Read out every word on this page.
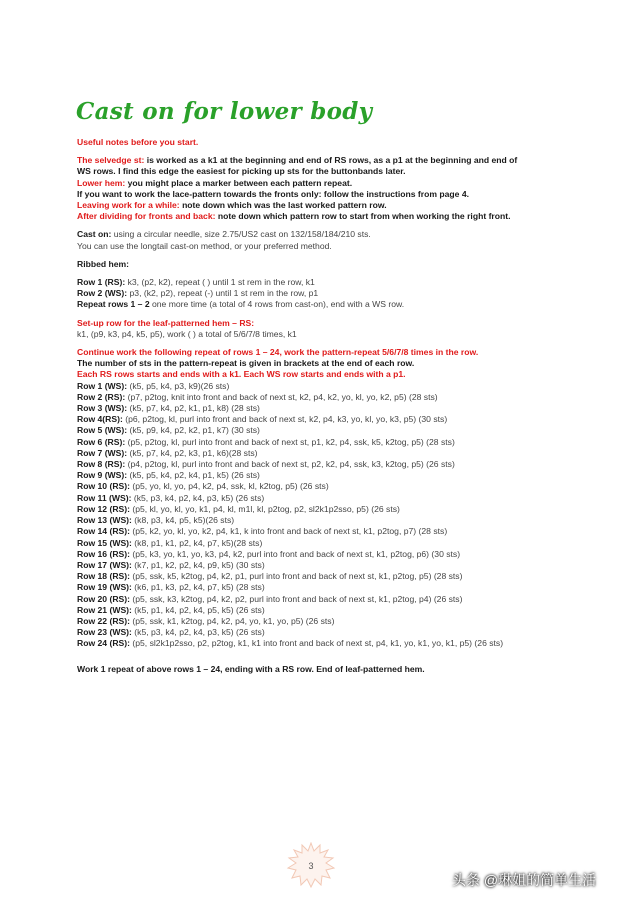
Cast on for lower body
Useful notes before you start.
The selvedge st: is worked as a k1 at the beginning and end of RS rows, as a p1 at the beginning and end of
WS rows. I find this edge the easiest for picking up sts for the buttonbands later.
Lower hem: you might place a marker between each pattern repeat.
If you want to work the lace-pattern towards the fronts only: follow the instructions from page 4.
Leaving work for a while: note down which was the last worked pattern row.
After dividing for fronts and back: note down which pattern row to start from when working the right front.
Cast on: using a circular needle, size 2.75/US2 cast on 132/158/184/210 sts.
You can use the longtail cast-on method, or your preferred method.
Ribbed hem:
Row 1 (RS): k3, (p2, k2), repeat ( ) until 1 st rem in the row, k1
Row 2 (WS): p3, (k2, p2), repeat (-) until 1 st rem in the row, p1
Repeat rows 1 – 2 one more time (a total of 4 rows from cast-on), end with a WS row.
Set-up row for the leaf-patterned hem – RS:
k1, (p9, k3, p4, k5, p5), work ( ) a total of 5/6/7/8 times, k1
Continue work the following repeat of rows 1 – 24, work the pattern-repeat 5/6/7/8 times in the row.
The number of sts in the pattern-repeat is given in brackets at the end of each row.
Each RS rows starts and ends with a k1. Each WS row starts and ends with a p1.
Row 1 (WS): (k5, p5, k4, p3, k9)(26 sts)
Row 2 (RS): (p7, p2tog, knit into front and back of next st, k2, p4, k2, yo, kl, yo, k2, p5) (28 sts)
Row 3 (WS): (k5, p7, k4, p2, k1, p1, k8) (28 sts)
Row 4(RS): (p6, p2tog, kl, purl into front and back of next st, k2, p4, k3, yo, kl, yo, k3, p5) (30 sts)
Row 5 (WS): (k5, p9, k4, p2, k2, p1, k7) (30 sts)
Row 6 (RS): (p5, p2tog, kl, purl into front and back of next st, p1, k2, p4, ssk, k5, k2tog, p5) (28 sts)
Row 7 (WS): (k5, p7, k4, p2, k3, p1, k6)(28 sts)
Row 8 (RS): (p4, p2tog, kl, purl into front and back of next st, p2, k2, p4, ssk, k3, k2tog, p5) (26 sts)
Row 9 (WS): (k5, p5, k4, p2, k4, p1, k5) (26 sts)
Row 10 (RS): (p5, yo, kl, yo, p4, k2, p4, ssk, kl, k2tog, p5) (26 sts)
Row 11 (WS): (k5, p3, k4, p2, k4, p3, k5) (26 sts)
Row 12 (RS): (p5, kl, yo, kl, yo, k1, p4, kl, m1l, kl, p2tog, p2, sl2k1p2sso, p5) (26 sts)
Row 13 (WS): (k8, p3, k4, p5, k5)(26 sts)
Row 14 (RS): (p5, k2, yo, kl, yo, k2, p4, k1, k into front and back of next st, k1, p2tog, p7) (28 sts)
Row 15 (WS): (k8, p1, k1, p2, k4, p7, k5)(28 sts)
Row 16 (RS): (p5, k3, yo, k1, yo, k3, p4, k2, purl into front and back of next st, k1, p2tog, p6) (30 sts)
Row 17 (WS): (k7, p1, k2, p2, k4, p9, k5) (30 sts)
Row 18 (RS): (p5, ssk, k5, k2tog, p4, k2, p1, purl into front and back of next st, k1, p2tog, p5) (28 sts)
Row 19 (WS): (k6, p1, k3, p2, k4, p7, k5) (28 sts)
Row 20 (RS): (p5, ssk, k3, k2tog, p4, k2, p2, purl into front and back of next st, k1, p2tog, p4) (26 sts)
Row 21 (WS): (k5, p1, k4, p2, k4, p5, k5) (26 sts)
Row 22 (RS): (p5, ssk, k1, k2tog, p4, k2, p4, yo, k1, yo, p5) (26 sts)
Row 23 (WS): (k5, p3, k4, p2, k4, p3, k5) (26 sts)
Row 24 (RS): (p5, sl2k1p2sso, p2, p2tog, k1, k1 into front and back of next st, p4, k1, yo, k1, yo, k1, p5) (26 sts)
Work 1 repeat of above rows 1 – 24, ending with a RS row. End of leaf-patterned hem.
3
头条 @琳姐的简单生活
